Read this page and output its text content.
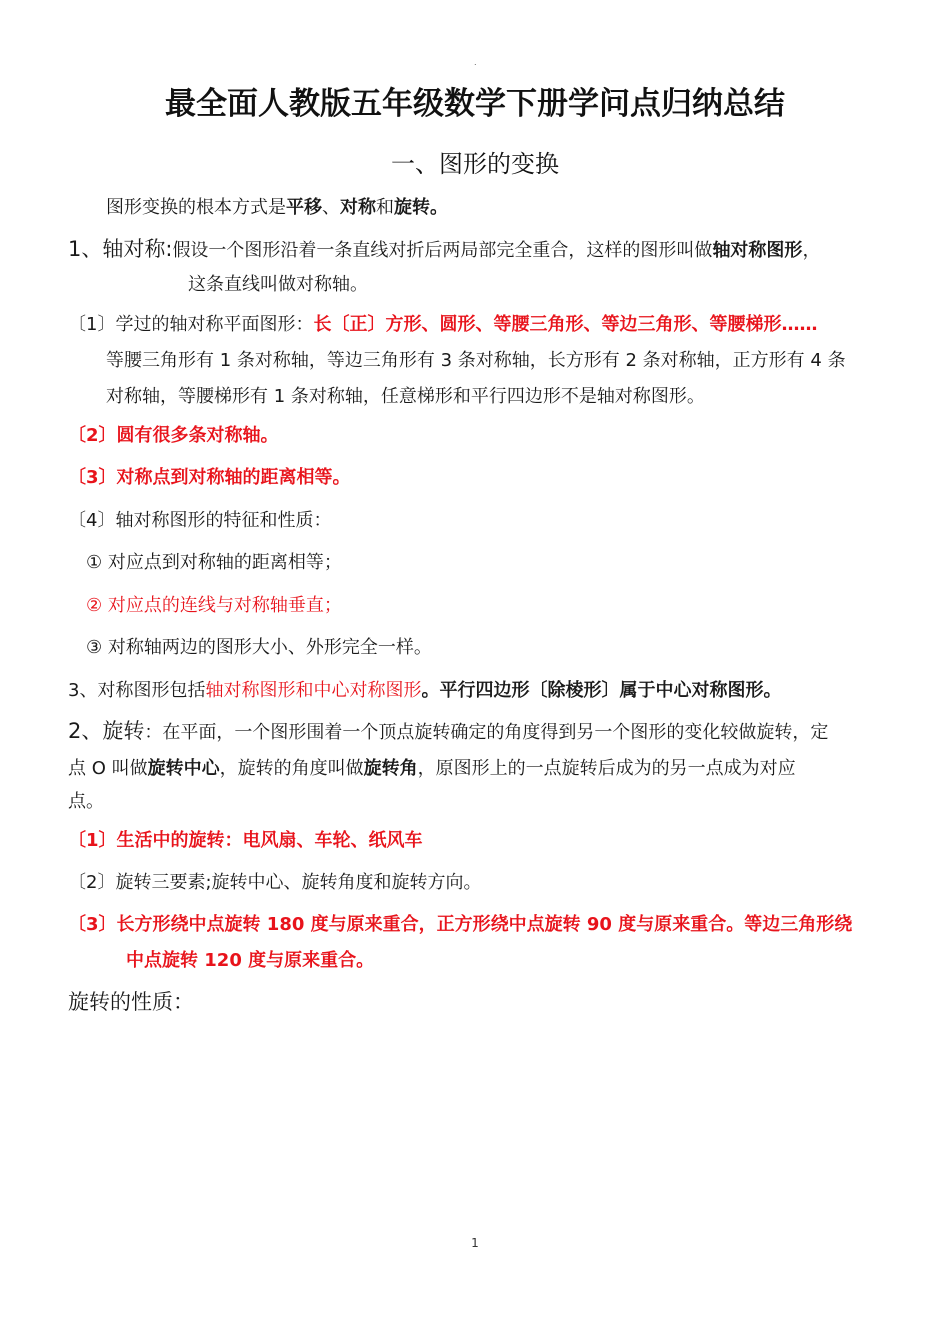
.
最全面人教版五年级数学下册学问点归纳总结
一、图形的变换
图形变换的根本方式是平移、对称和旋转。
1、轴对称:假设一个图形沿着一条直线对折后两局部完全重合，这样的图形叫做轴对称图形，
这条直线叫做对称轴。
〔1〕学过的轴对称平面图形：长〔正〕方形、圆形、等腰三角形、等边三角形、等腰梯形……
等腰三角形有 1 条对称轴，等边三角形有 3 条对称轴，长方形有 2 条对称轴，正方形有 4 条
对称轴，等腰梯形有 1 条对称轴，任意梯形和平行四边形不是轴对称图形。
〔2〕圆有很多条对称轴。
〔3〕对称点到对称轴的距离相等。
〔4〕轴对称图形的特征和性质：
① 对应点到对称轴的距离相等；
② 对应点的连线与对称轴垂直；
③ 对称轴两边的图形大小、外形完全一样。
3、对称图形包括轴对称图形和中心对称图形。平行四边形〔除棱形〕属于中心对称图形。
2、旋转：在平面，一个图形围着一个顶点旋转确定的角度得到另一个图形的变化较做旋转，定
点 O 叫做旋转中心，旋转的角度叫做旋转角，原图形上的一点旋转后成为的另一点成为对应
点。
〔1〕生活中的旋转：电风扇、车轮、纸风车
〔2〕旋转三要素;旋转中心、旋转角度和旋转方向。
〔3〕长方形绕中点旋转 180 度与原来重合，正方形绕中点旋转 90 度与原来重合。等边三角形绕
中点旋转 120 度与原来重合。
旋转的性质：
1
